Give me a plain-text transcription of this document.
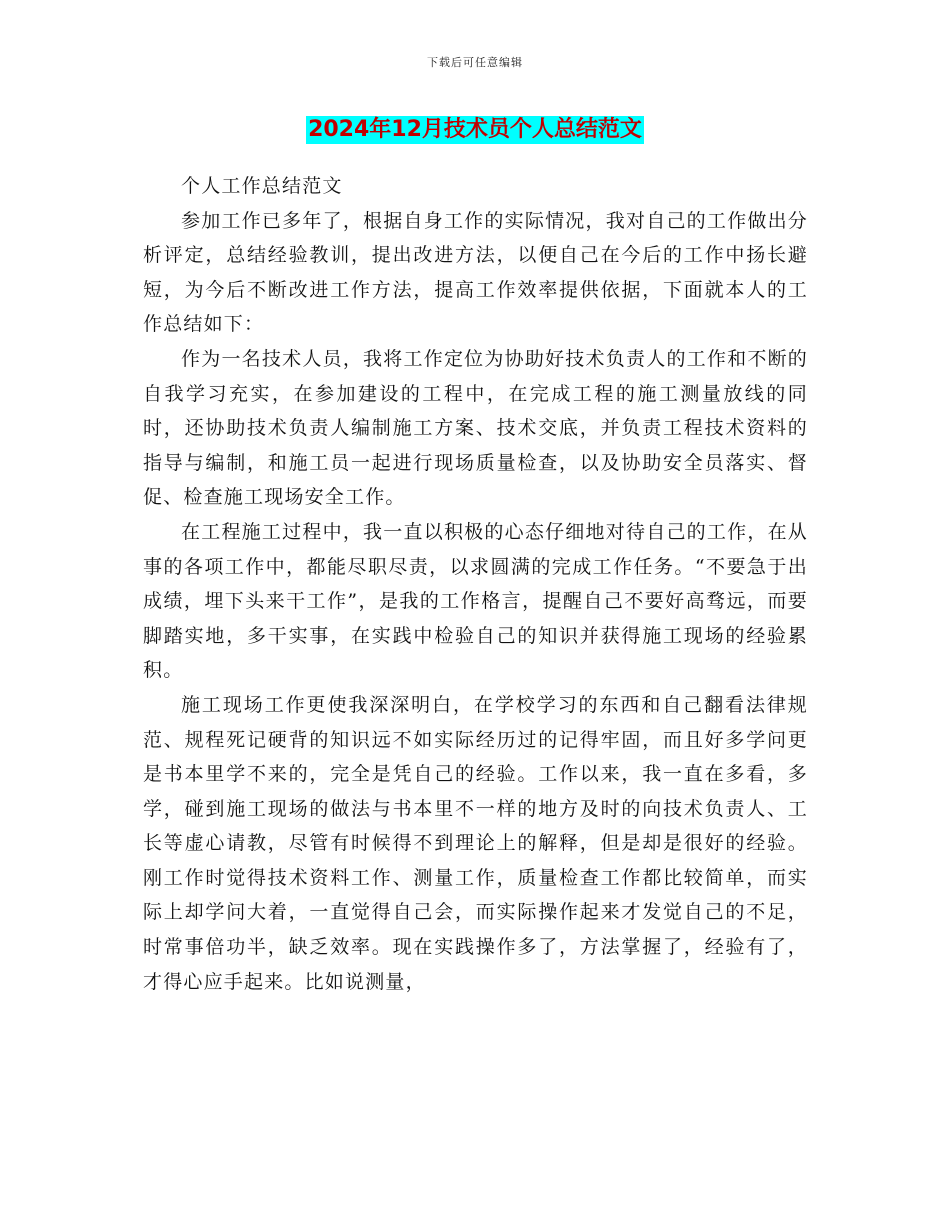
下载后可任意编辑
2024年12月技术员个人总结范文

个人工作总结范文

参加工作已多年了，根据自身工作的实际情况，我对自己的工作做出分析评定，总结经验教训，提出改进方法，以便自己在今后的工作中扬长避短，为今后不断改进工作方法，提高工作效率提供依据，下面就本人的工作总结如下：

作为一名技术人员，我将工作定位为协助好技术负责人的工作和不断的自我学习充实，在参加建设的工程中，在完成工程的施工测量放线的同时，还协助技术负责人编制施工方案、技术交底，并负责工程技术资料的指导与编制，和施工员一起进行现场质量检查，以及协助安全员落实、督促、检查施工现场安全工作。

在工程施工过程中，我一直以积极的心态仔细地对待自己的工作，在从事的各项工作中，都能尽职尽责，以求圆满的完成工作任务。“不要急于出成绩，埋下头来干工作”，是我的工作格言，提醒自己不要好高骛远，而要脚踏实地，多干实事，在实践中检验自己的知识并获得施工现场的经验累积。

施工现场工作更使我深深明白，在学校学习的东西和自己翻看法律规范、规程死记硬背的知识远不如实际经历过的记得牢固，而且好多学问更是书本里学不来的，完全是凭自己的经验。工作以来，我一直在多看，多学，碰到施工现场的做法与书本里不一样的地方及时的向技术负责人、工长等虚心请教，尽管有时候得不到理论上的解释，但是却是很好的经验。刚工作时觉得技术资料工作、测量工作，质量检查工作都比较简单，而实际上却学问大着，一直觉得自己会，而实际操作起来才发觉自己的不足，时常事倍功半，缺乏效率。现在实践操作多了，方法掌握了，经验有了，才得心应手起来。比如说测量，
